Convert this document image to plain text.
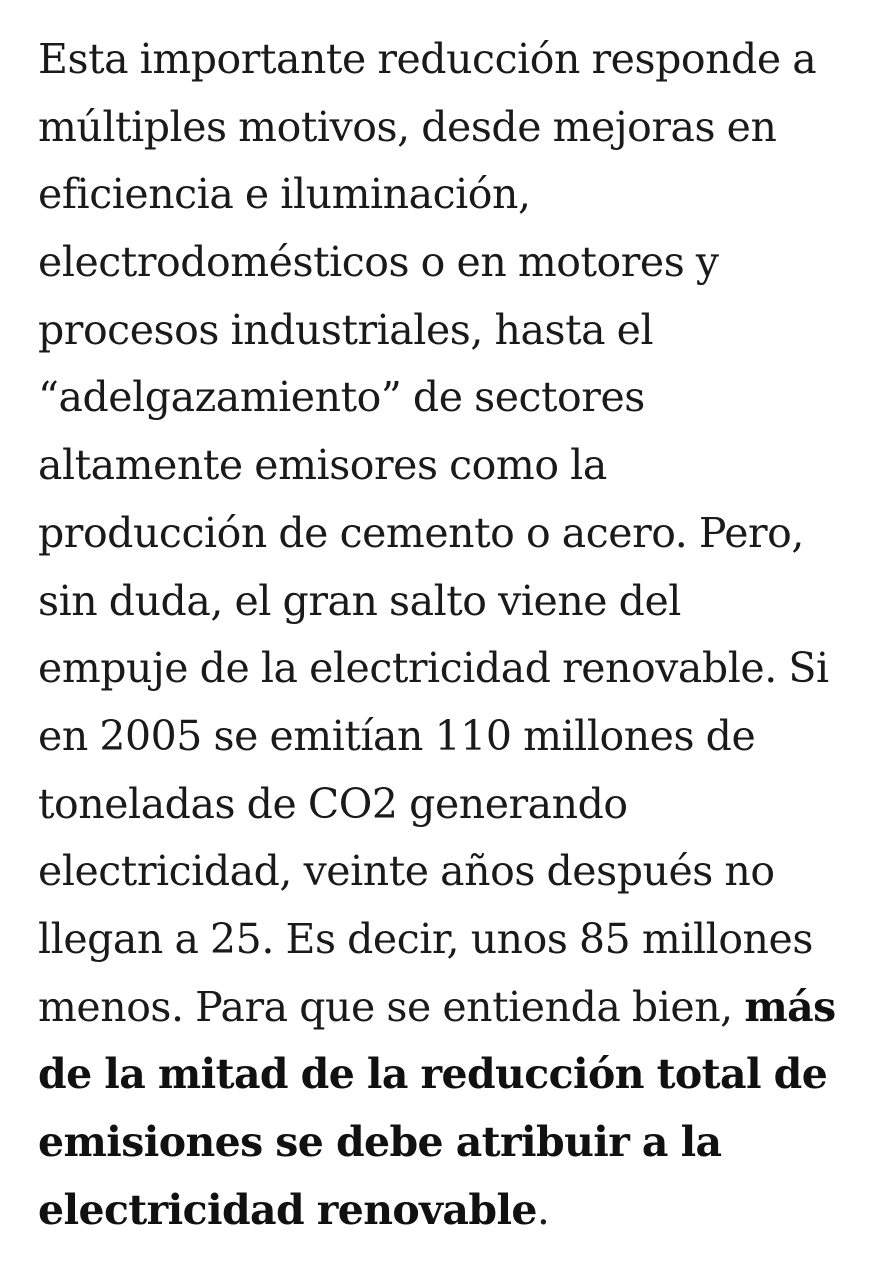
Esta importante reducción responde a
múltiples motivos, desde mejoras en
eficiencia e iluminación,
electrodomésticos o en motores y
procesos industriales, hasta el
“adelgazamiento” de sectores
altamente emisores como la
producción de cemento o acero. Pero,
sin duda, el gran salto viene del
empuje de la electricidad renovable. Si
en 2005 se emitían 110 millones de
toneladas de CO2 generando
electricidad, veinte años después no
llegan a 25. Es decir, unos 85 millones
menos. Para que se entienda bien, más
de la mitad de la reducción total de
emisiones se debe atribuir a la
electricidad renovable.
